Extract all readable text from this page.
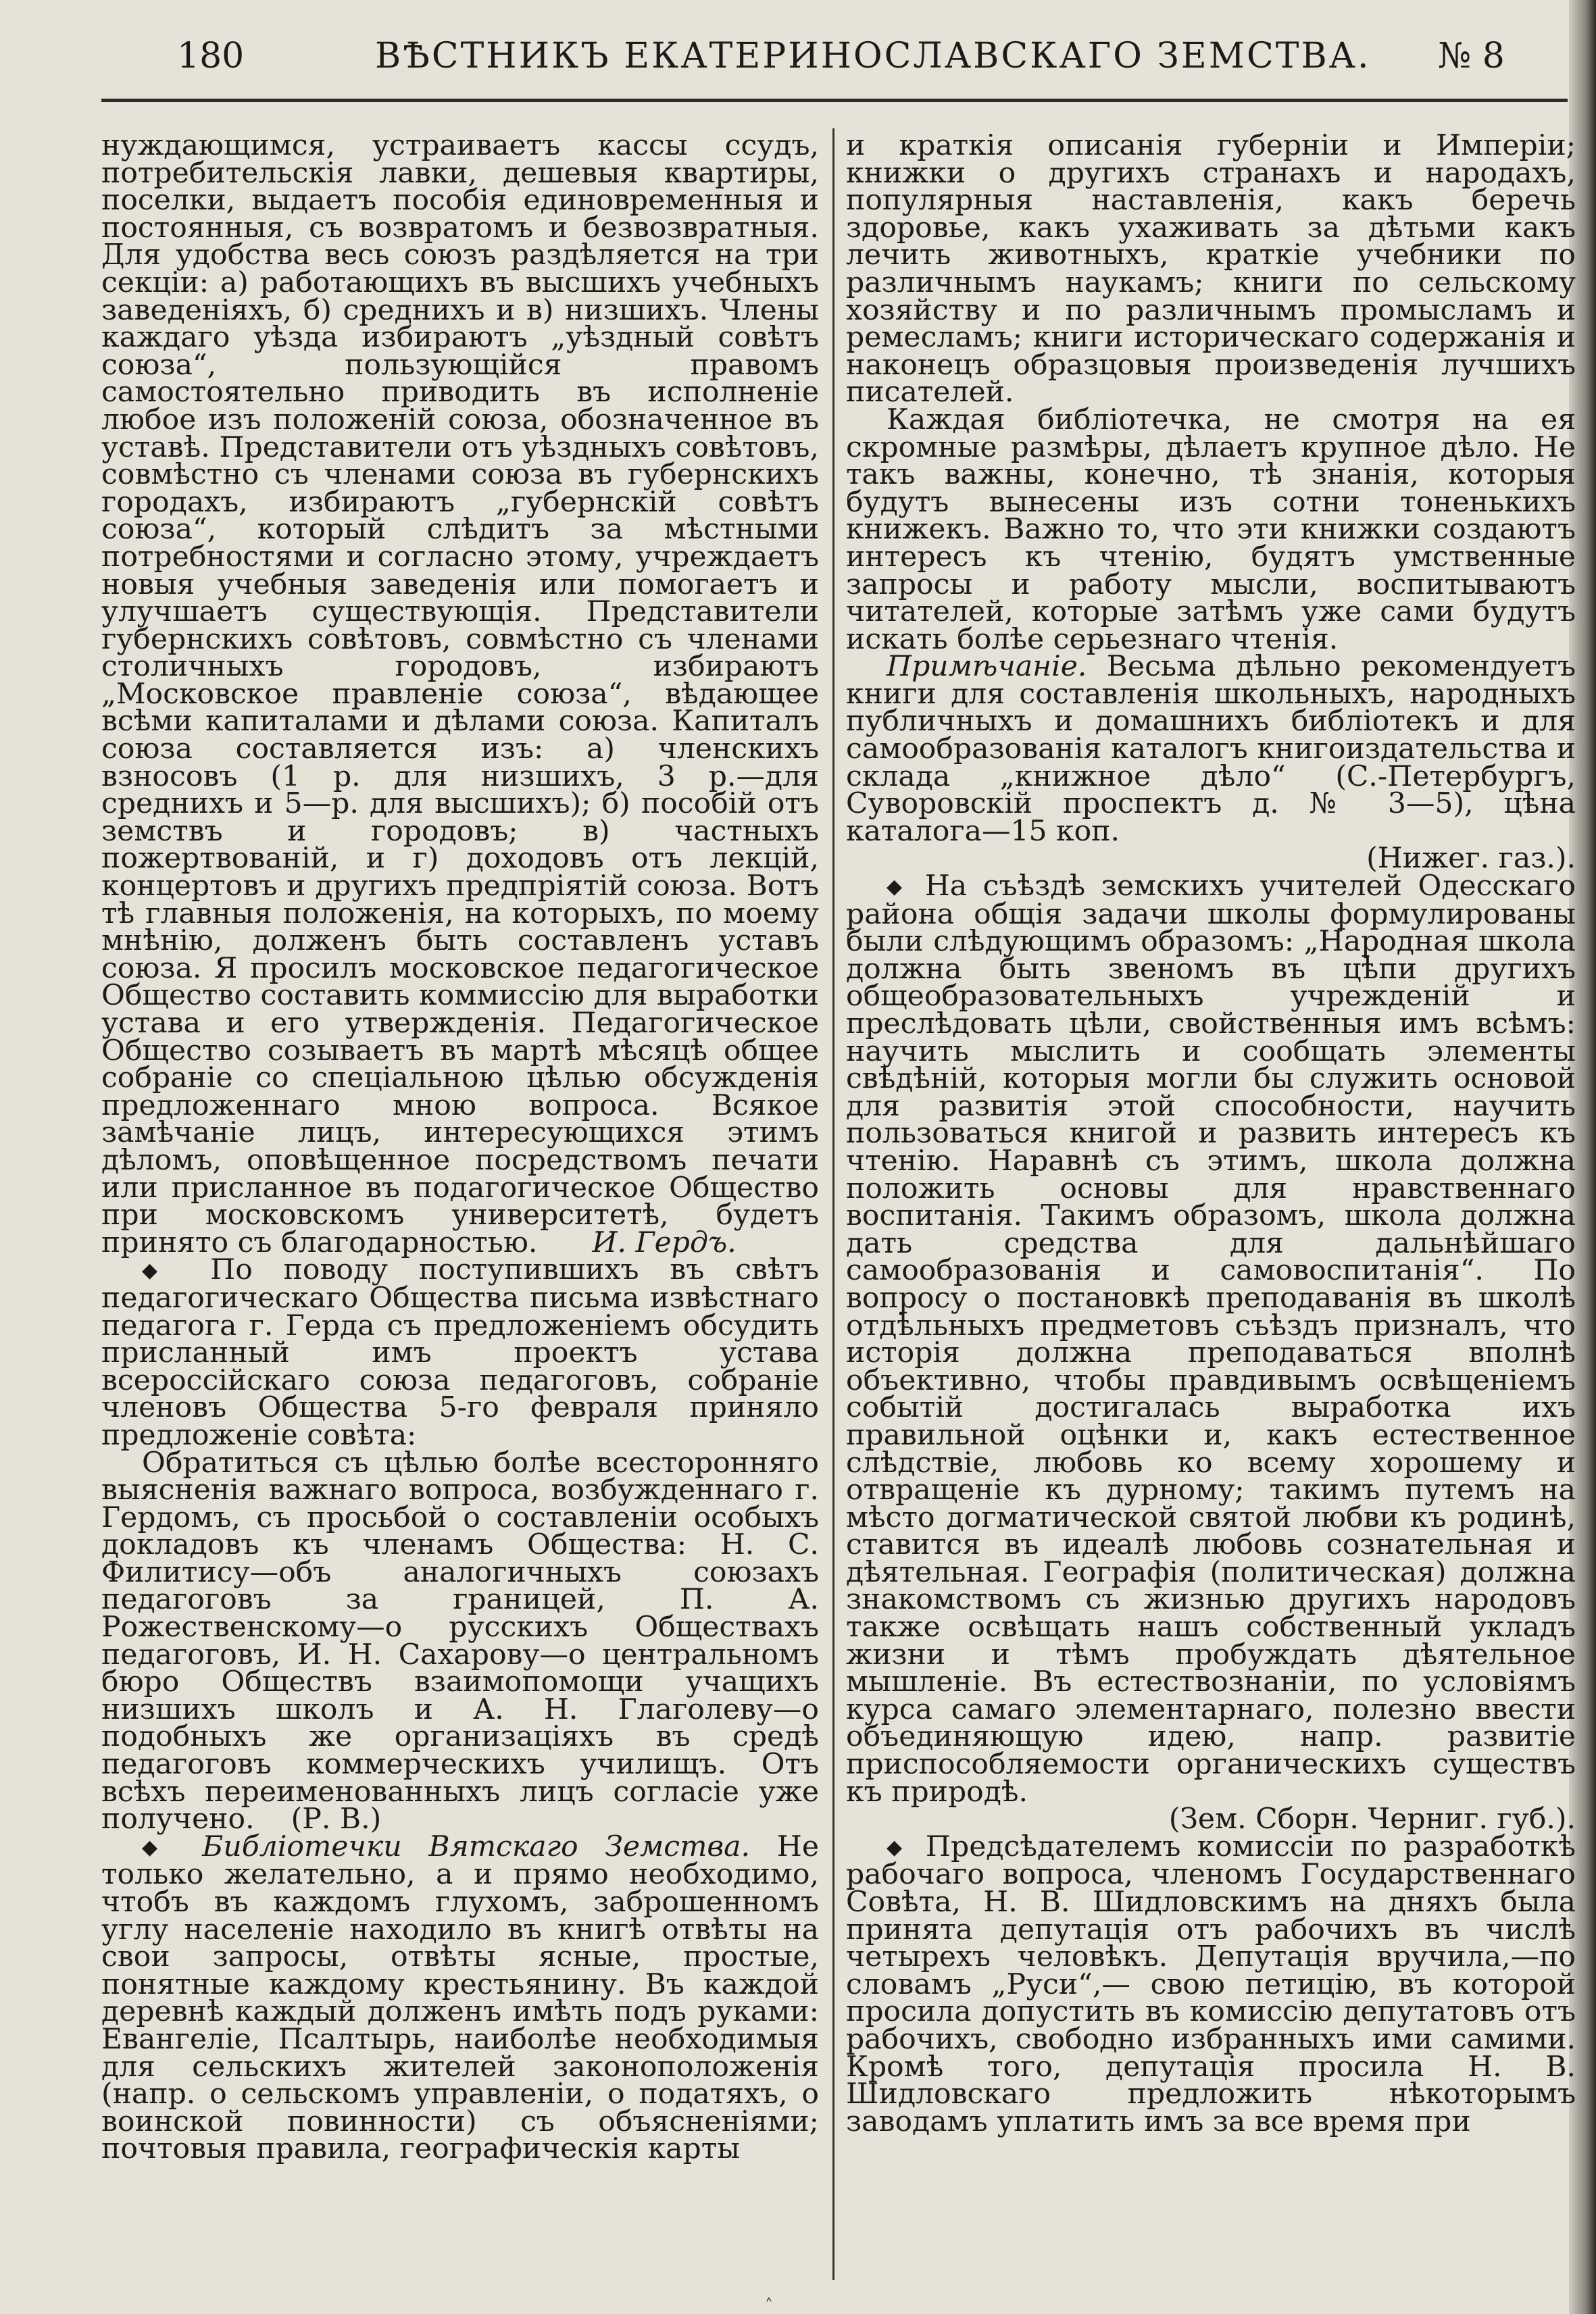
180	ВѢСТНИКЪ ЕКАТЕРИНОСЛАВСКАГО ЗЕМСТВА. № 8

нуждающимся, устраиваетъ кассы ссудъ, потребительскія лавки, дешевыя квартиры, поселки, выдаетъ пособія единовременныя и постоянныя, съ возвратомъ и безвозвратныя. Для удобства весь союзъ раздѣляется на три секціи: а) работающихъ въ высшихъ учебныхъ заведеніяхъ, б) среднихъ и в) низшихъ. Члены каждаго уѣзда избираютъ „уѣздный совѣтъ союза“, пользующійся правомъ самостоятельно приводить въ исполненіе любое изъ положеній союза, обозначенное въ уставѣ. Представители отъ уѣздныхъ совѣтовъ, совмѣстно съ членами союза въ губернскихъ городахъ, избираютъ „губернскій совѣтъ союза“, который слѣдитъ за мѣстными потребностями и согласно этому, учреждаетъ новыя учебныя заведенія или помогаетъ и улучшаетъ существующія. Представители губернскихъ совѣтовъ, совмѣстно съ членами столичныхъ городовъ, избираютъ „Московское правленіе союза“, вѣдающее всѣми капиталами и дѣлами союза. Капиталъ союза составляется изъ: а) членскихъ взносовъ (1 р. для низшихъ, 3 р.—для среднихъ и 5—р. для высшихъ); б) пособій отъ земствъ и городовъ; в) частныхъ пожертвованій, и г) доходовъ отъ лекцій, концертовъ и другихъ предпріятій союза. Вотъ тѣ главныя положенія, на которыхъ, по моему мнѣнію, долженъ быть составленъ уставъ союза. Я просилъ московское педагогическое Общество составить коммиссію для выработки устава и его утвержденія. Педагогическое Общество созываетъ въ мартѣ мѣсяцѣ общее собраніе со спеціальною цѣлью обсужденія предложеннаго мною вопроса. Всякое замѣчаніе лицъ, интересующихся этимъ дѣломъ, оповѣщенное посредствомъ печати или присланное въ подагогическое Общество при московскомъ университетѣ, будетъ принято съ благодарностью. И. Гердъ.

◆ По поводу поступившихъ въ свѣтъ педагогическаго Общества письма извѣстнаго педагога г. Герда съ предложеніемъ обсудить присланный имъ проектъ устава всероссійскаго союза педагоговъ, собраніе членовъ Общества 5-го февраля приняло предложеніе совѣта:

Обратиться съ цѣлью болѣе всесторонняго выясненія важнаго вопроса, возбужденнаго г. Гердомъ, съ просьбой о составленіи особыхъ докладовъ къ членамъ Общества: Н. С. Филитису—объ аналогичныхъ союзахъ педагоговъ за границей, П. А. Рожественскому—о русскихъ Обществахъ педагоговъ, И. Н. Сахарову—о центральномъ бюро Обществъ взаимопомощи учащихъ низшихъ школъ и А. Н. Глаголеву—о подобныхъ же организаціяхъ въ средѣ педагоговъ коммерческихъ училищъ. Отъ всѣхъ переименованныхъ лицъ согласіе уже получено. (Р. В.)

◆ Библіотечки Вятскаго Земства. Не только желательно, а и прямо необходимо, чтобъ въ каждомъ глухомъ, заброшенномъ углу населеніе находило въ книгѣ отвѣты на свои запросы, отвѣты ясные, простые, понятные каждому крестьянину. Въ каждой деревнѣ каждый долженъ имѣть подъ руками: Евангеліе, Псалтырь, наиболѣе необходимыя для сельскихъ жителей законоположенія (напр. о сельскомъ управленіи, о податяхъ, о воинской повинности) съ объясненіями; почтовыя правила, географическія карты

и краткія описанія губерніи и Имперіи; книжки о другихъ странахъ и народахъ, популярныя наставленія, какъ беречь здоровье, какъ ухаживать за дѣтьми какъ лечить животныхъ, краткіе учебники по различнымъ наукамъ; книги по сельскому хозяйству и по различнымъ промысламъ и ремесламъ; книги историческаго содержанія и наконецъ образцовыя произведенія лучшихъ писателей.

Каждая библіотечка, не смотря на ея скромные размѣры, дѣлаетъ крупное дѣло. Не такъ важны, конечно, тѣ знанія, которыя будутъ вынесены изъ сотни тоненькихъ книжекъ. Важно то, что эти книжки создаютъ интересъ къ чтенію, будятъ умственные запросы и работу мысли, воспитываютъ читателей, которые затѣмъ уже сами будутъ искать болѣе серьезнаго чтенія.

Примѣчаніе. Весьма дѣльно рекомендуетъ книги для составленія школьныхъ, народныхъ публичныхъ и домашнихъ библіотекъ и для самообразованія каталогъ книгоиздательства и склада „книжное дѣло“ (С.-Петербургъ, Суворовскій проспектъ д. № 3—5), цѣна каталога—15 коп.

(Нижег. газ.).

◆ На съѣздѣ земскихъ учителей Одесскаго района общія задачи школы формулированы были слѣдующимъ образомъ: „Народная школа должна быть звеномъ въ цѣпи другихъ общеобразовательныхъ учрежденій и преслѣдовать цѣли, свойственныя имъ всѣмъ: научить мыслить и сообщать элементы свѣдѣній, которыя могли бы служить основой для развитія этой способности, научить пользоваться книгой и развить интересъ къ чтенію. Наравнѣ съ этимъ, школа должна положить основы для нравственнаго воспитанія. Такимъ образомъ, школа должна дать средства для дальнѣйшаго самообразованія и самовоспитанія“. По вопросу о постановкѣ преподаванія въ школѣ отдѣльныхъ предметовъ съѣздъ призналъ, что исторія должна преподаваться вполнѣ объективно, чтобы правдивымъ освѣщеніемъ событій достигалась выработка ихъ правильной оцѣнки и, какъ естественное слѣдствіе, любовь ко всему хорошему и отвращеніе къ дурному; такимъ путемъ на мѣсто догматической святой любви къ родинѣ, ставится въ идеалѣ любовь сознательная и дѣятельная. Географія (политическая) должна знакомствомъ съ жизнью другихъ народовъ также освѣщать нашъ собственный укладъ жизни и тѣмъ пробуждать дѣятельное мышленіе. Въ естествознаніи, по условіямъ курса самаго элементарнаго, полезно ввести объединяющую идею, напр. развитіе приспособляемости органическихъ существъ къ природѣ.

(Зем. Сборн. Черниг. губ.).

◆ Предсѣдателемъ комиссіи по разработкѣ рабочаго вопроса, членомъ Государственнаго Совѣта, Н. В. Шидловскимъ на дняхъ была принята депутація отъ рабочихъ въ числѣ четырехъ человѣкъ. Депутація вручила,—по словамъ „Руси“,— свою петицію, въ которой просила допустить въ комиссію депутатовъ отъ рабочихъ, свободно избранныхъ ими самими. Кромѣ того, депутація просила Н. В. Шидловскаго предложить нѣкоторымъ заводамъ уплатить имъ за все время при

˄
